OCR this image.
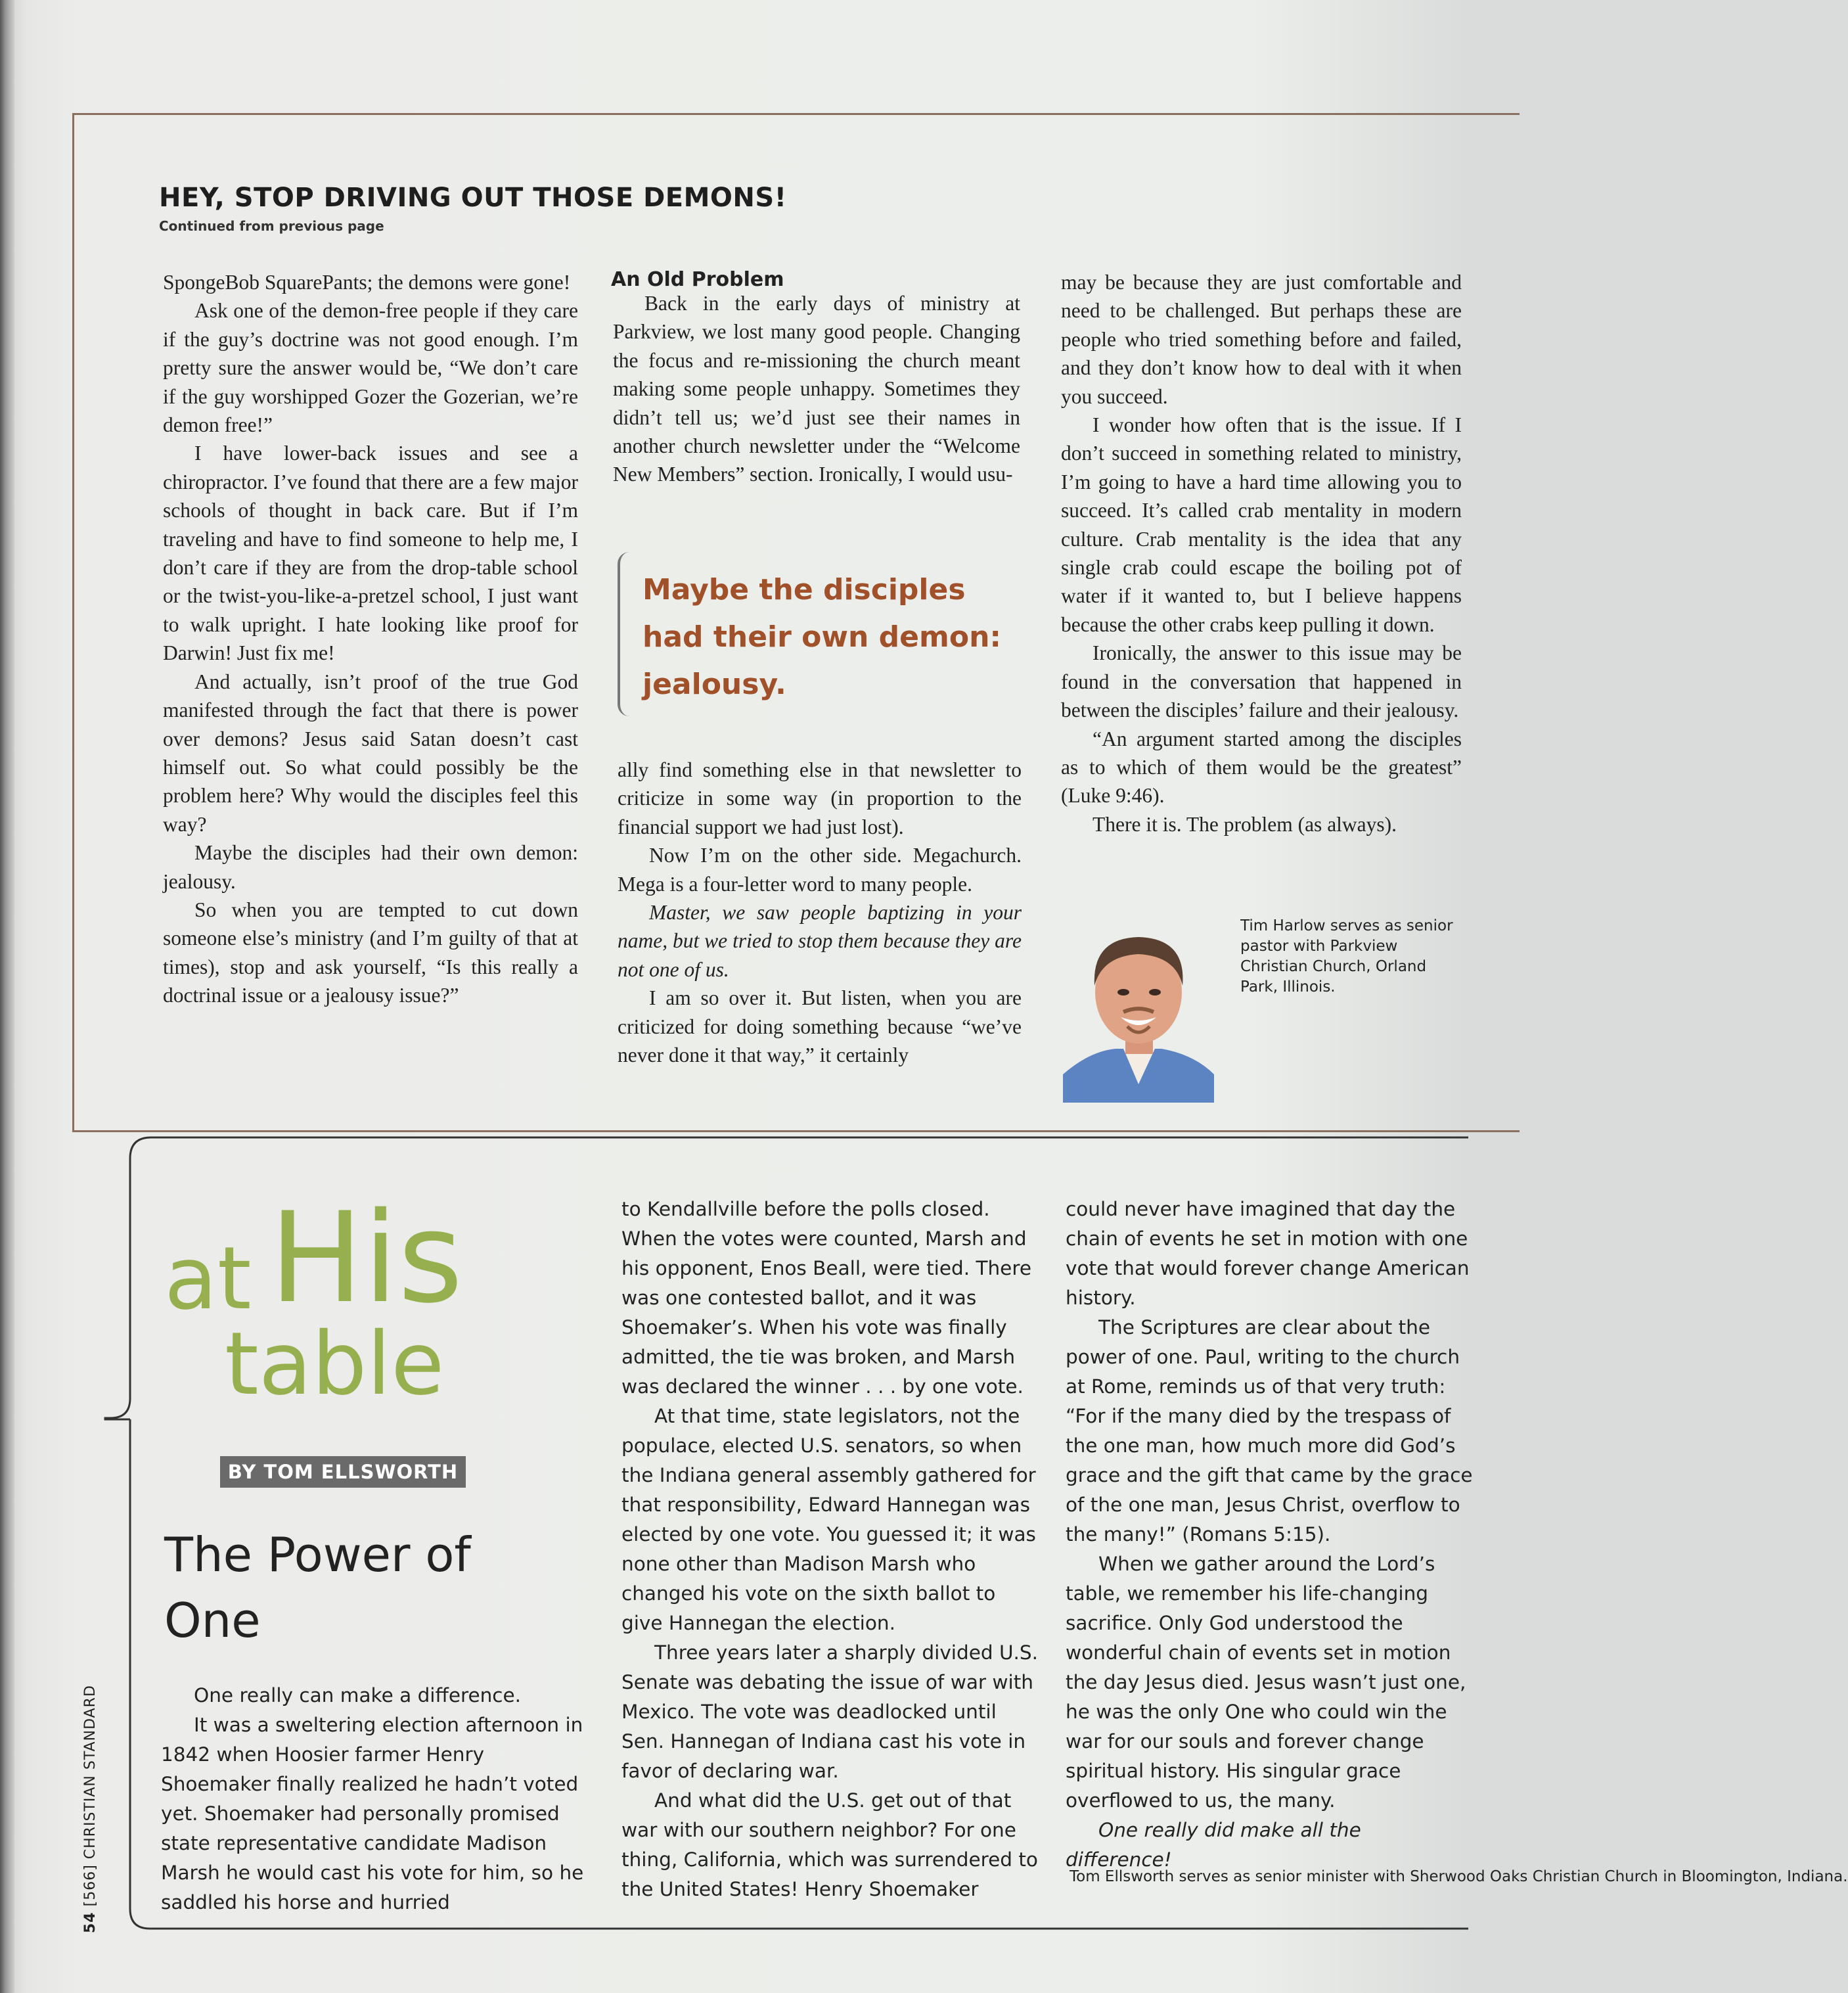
HEY, STOP DRIVING OUT THOSE DEMONS!
Continued from previous page

SpongeBob SquarePants; the demons were gone!

Ask one of the demon-free people if they care if the guy’s doctrine was not good enough. I’m pretty sure the answer would be, “We don’t care if the guy worshipped Gozer the Gozerian, we’re demon free!”

I have lower-back issues and see a chiropractor. I’ve found that there are a few major schools of thought in back care. But if I’m traveling and have to find someone to help me, I don’t care if they are from the drop-table school or the twist-you-like-a-pretzel school, I just want to walk upright. I hate looking like proof for Darwin! Just fix me!

And actually, isn’t proof of the true God manifested through the fact that there is power over demons? Jesus said Satan doesn’t cast himself out. So what could possibly be the problem here? Why would the disciples feel this way?

Maybe the disciples had their own demon: jealousy.

So when you are tempted to cut down someone else’s ministry (and I’m guilty of that at times), stop and ask yourself, “Is this really a doctrinal issue or a jealousy issue?”

An Old Problem

Back in the early days of ministry at Parkview, we lost many good people. Changing the focus and re-missioning the church meant making some people unhappy. Sometimes they didn’t tell us; we’d just see their names in another church newsletter under the “Welcome New Members” section. Ironically, I would usu-

Maybe the disciples had their own demon: jealousy.

ally find something else in that newsletter to criticize in some way (in proportion to the financial support we had just lost).

Now I’m on the other side. Megachurch. Mega is a four-letter word to many people.

Master, we saw people baptizing in your name, but we tried to stop them because they are not one of us.

I am so over it. But listen, when you are criticized for doing something because “we’ve never done it that way,” it certainly

may be because they are just comfortable and need to be challenged. But perhaps these are people who tried something before and failed, and they don’t know how to deal with it when you succeed.

I wonder how often that is the issue. If I don’t succeed in something related to ministry, I’m going to have a hard time allowing you to succeed. It’s called crab mentality in modern culture. Crab mentality is the idea that any single crab could escape the boiling pot of water if it wanted to, but I believe happens because the other crabs keep pulling it down.

Ironically, the answer to this issue may be found in the conversation that happened in between the disciples’ failure and their jealousy.

“An argument started among the disciples as to which of them would be the greatest” (Luke 9:46).

There it is. The problem (as always).

Tim Harlow serves as senior pastor with Parkview Christian Church, Orland Park, Illinois.
at His
table
BY TOM ELLSWORTH
The Power of One

One really can make a difference.

It was a sweltering election afternoon in 1842 when Hoosier farmer Henry Shoemaker finally realized he hadn’t voted yet. Shoemaker had personally promised state representative candidate Madison Marsh he would cast his vote for him, so he saddled his horse and hurried

to Kendallville before the polls closed. When the votes were counted, Marsh and his opponent, Enos Beall, were tied. There was one contested ballot, and it was Shoemaker’s. When his vote was finally admitted, the tie was broken, and Marsh was declared the winner . . . by one vote.

At that time, state legislators, not the populace, elected U.S. senators, so when the Indiana general assembly gathered for that responsibility, Edward Hannegan was elected by one vote. You guessed it; it was none other than Madison Marsh who changed his vote on the sixth ballot to give Hannegan the election.

Three years later a sharply divided U.S. Senate was debating the issue of war with Mexico. The vote was deadlocked until Sen. Hannegan of Indiana cast his vote in favor of declaring war.

And what did the U.S. get out of that war with our southern neighbor? For one thing, California, which was surrendered to the United States! Henry Shoemaker

could never have imagined that day the chain of events he set in motion with one vote that would forever change American history.

The Scriptures are clear about the power of one. Paul, writing to the church at Rome, reminds us of that very truth: “For if the many died by the trespass of the one man, how much more did God’s grace and the gift that came by the grace of the one man, Jesus Christ, overflow to the many!” (Romans 5:15).

When we gather around the Lord’s table, we remember his life-changing sacrifice. Only God understood the wonderful chain of events set in motion the day Jesus died. Jesus wasn’t just one, he was the only One who could win the war for our souls and forever change spiritual history. His singular grace overflowed to us, the many.

One really did make all the difference!

Tom Ellsworth serves as senior minister with Sherwood Oaks Christian Church in Bloomington, Indiana.
54 [566] CHRISTIAN STANDARD
